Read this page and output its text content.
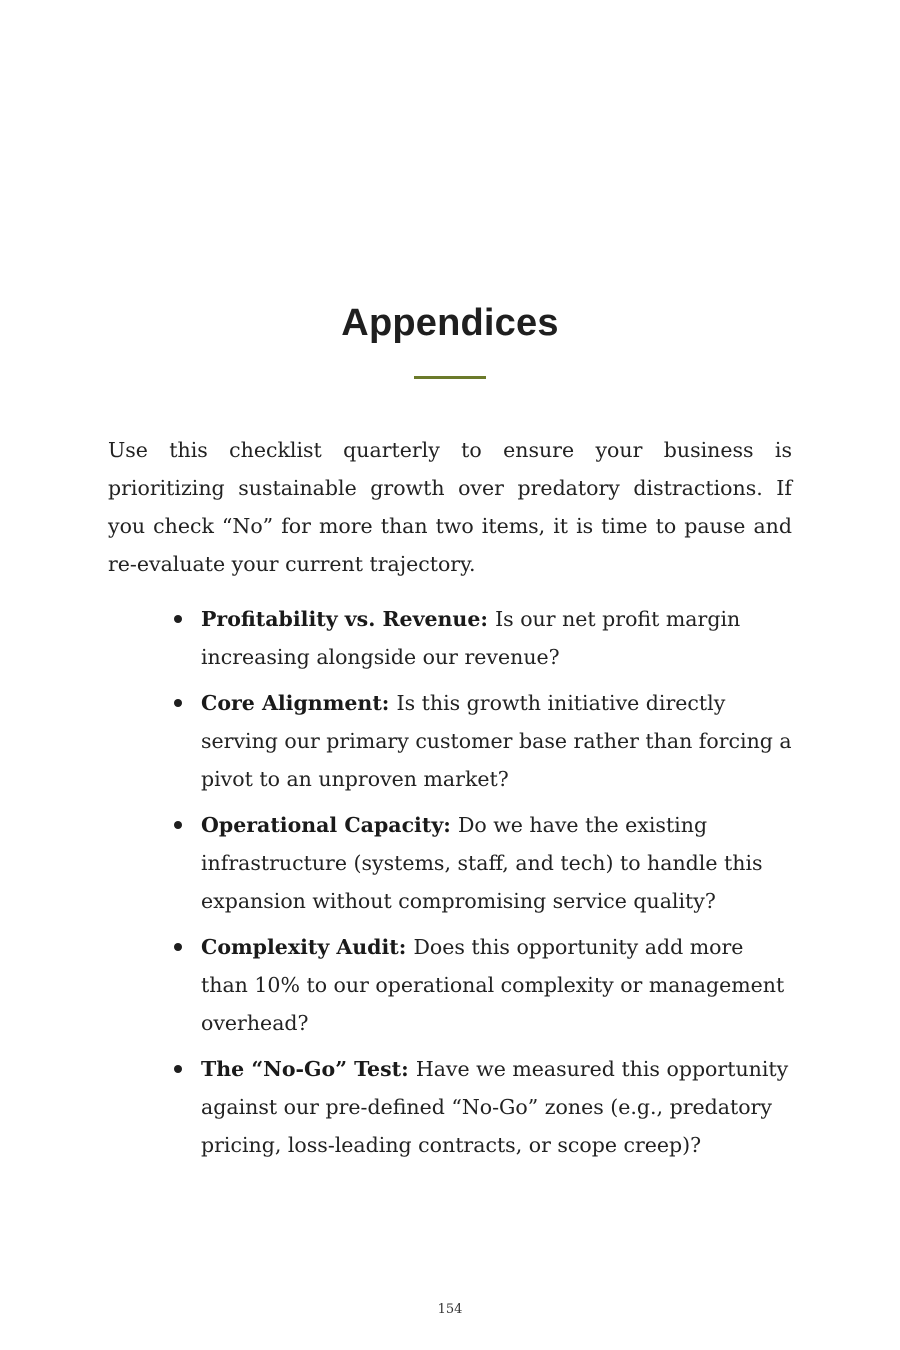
Appendices

Use this checklist quarterly to ensure your business is prioritizing sustainable growth over predatory distractions. If you check “No” for more than two items, it is time to pause and re-evaluate your current trajectory.

Profitability vs. Revenue: Is our net profit margin increasing alongside our revenue?
Core Alignment: Is this growth initiative directly serving our primary customer base rather than forcing a pivot to an unproven market?
Operational Capacity: Do we have the existing infrastructure (systems, staff, and tech) to handle this expansion without compromising service quality?
Complexity Audit: Does this opportunity add more than 10% to our operational complexity or management overhead?
The “No-Go” Test: Have we measured this opportunity against our pre-defined “No-Go” zones (e.g., predatory pricing, loss-leading contracts, or scope creep)?
154
